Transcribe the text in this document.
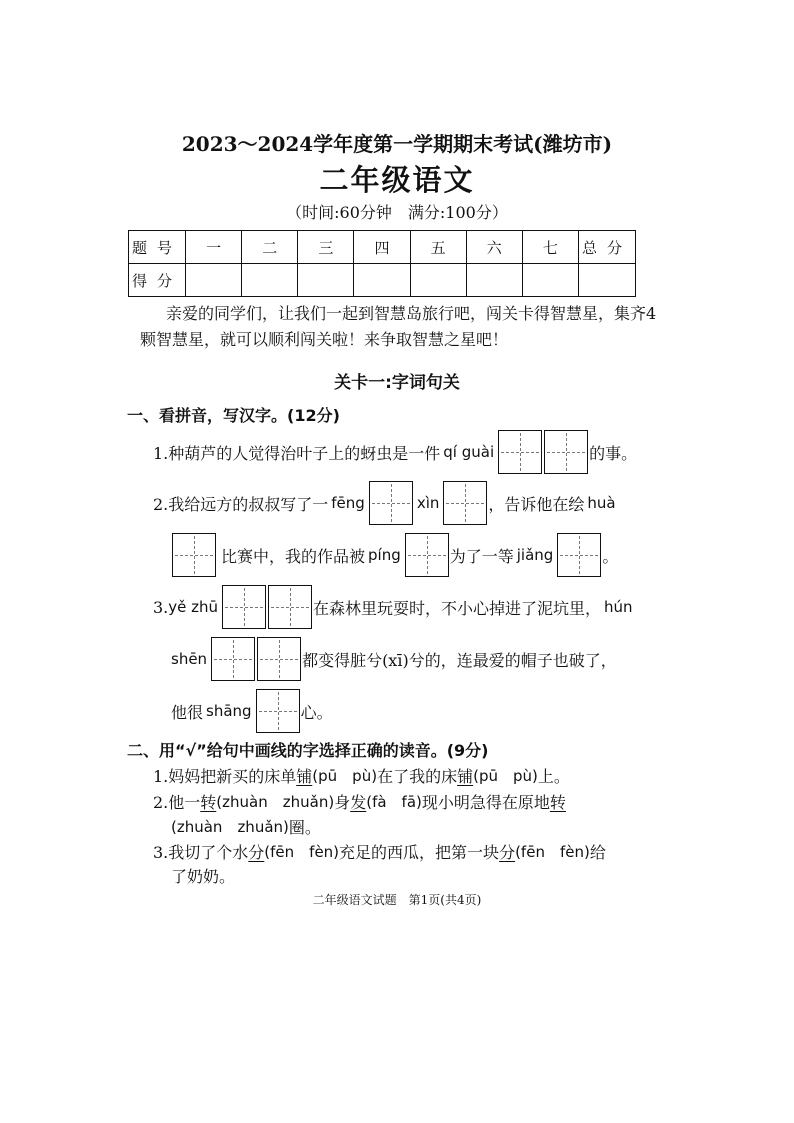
2023～2024学年度第一学期期末考试(潍坊市)
二年级语文
（时间:60分钟　满分:100分）
题号	一	二	三	四	五	六	七	总分
得分								
亲爱的同学们，让我们一起到智慧岛旅行吧，闯关卡得智慧星，集齐4颗智慧星，就可以顺利闯关啦！来争取智慧之星吧！
关卡一:字词句关
一、看拼音，写汉字。(12分)
1.种葫芦的人觉得治叶子上的蚜虫是一件 qí guài	的事。
2.我给远方的叔叔写了一 fēng	xìn	，告诉他在绘 huà
比赛中，我的作品被 píng	为了一等 jiǎng	。
3. yě zhū	在森林里玩耍时，不小心掉进了泥坑里， hún
shēn	都变得脏兮(xī)兮的，连最爱的帽子也破了，
他很 shāng	心。
二、用“√”给句中画线的字选择正确的读音。(9分)
1.妈妈把新买的床单 铺 (pū　pù) 在了我的床 铺 (pū　pù) 上。
2.他一 转 (zhuàn　zhuǎn) 身 发 (fà　fā) 现小明急得在原地 转
(zhuàn　zhuǎn) 圈。
3.我切了个水 分 (fēn　fèn) 充足的西瓜，把第一块 分 (fēn　fèn) 给
了奶奶。
二年级语文试题　第1页(共4页)
